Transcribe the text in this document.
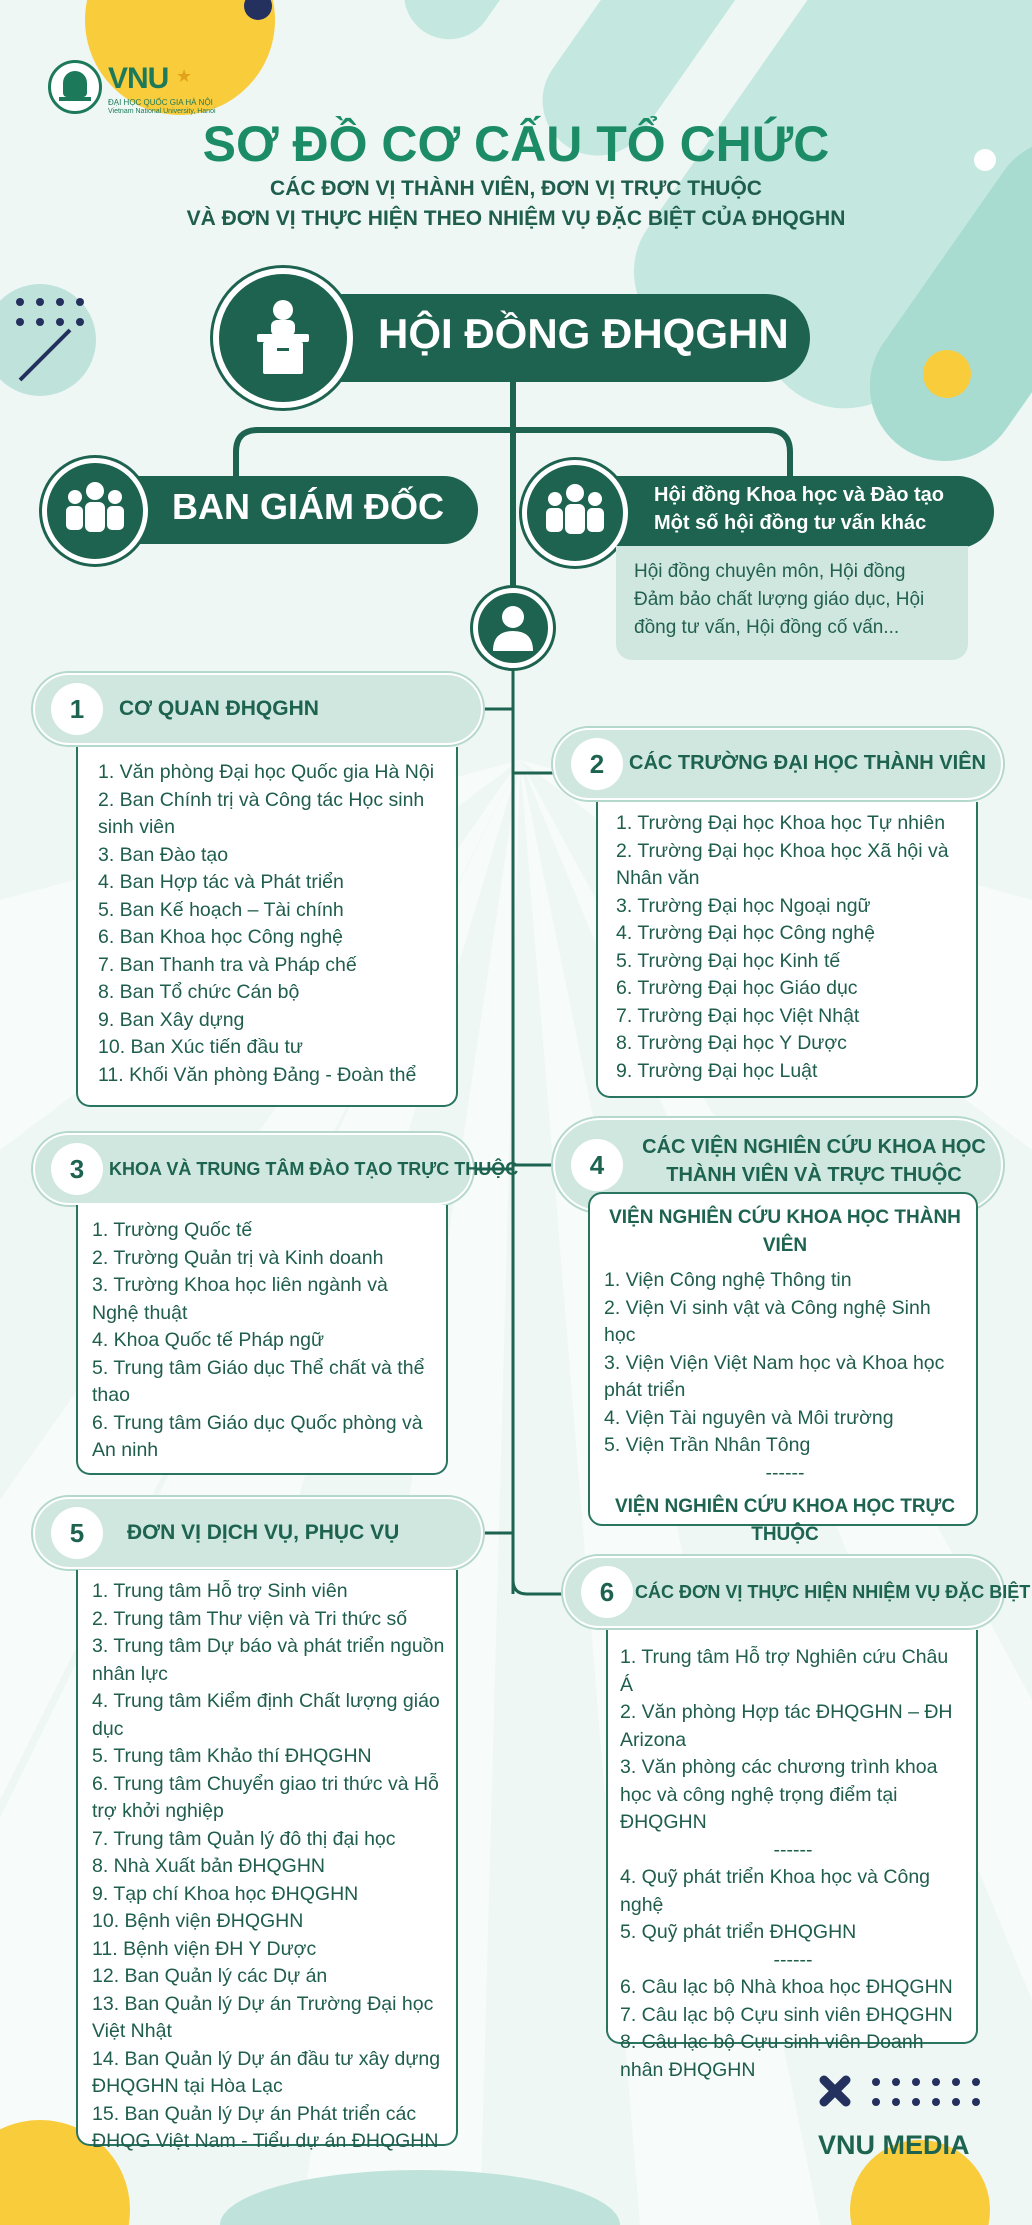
VNU ★
ĐẠI HỌC QUỐC GIA HÀ NỘI
Vietnam National University, Hanoi
SƠ ĐỒ CƠ CẤU TỔ CHỨC
CÁC ĐƠN VỊ THÀNH VIÊN, ĐƠN VỊ TRỰC THUỘC
VÀ ĐƠN VỊ THỰC HIỆN THEO NHIỆM VỤ ĐẶC BIỆT CỦA ĐHQGHN
HỘI ĐỒNG ĐHQGHN
BAN GIÁM ĐỐC	Hội đồng Khoa học và Đào tạo
Một số hội đồng tư vấn khác
Hội đồng chuyên môn, Hội đồng Đảm bảo chất lượng giáo dục, Hội đồng tư vấn, Hội đồng cố vấn...
1	CƠ QUAN ĐHQGHN
1. Văn phòng Đại học Quốc gia Hà Nội
2. Ban Chính trị và Công tác Học sinh sinh viên
3. Ban Đào tạo
4. Ban Hợp tác và Phát triển
5. Ban Kế hoạch – Tài chính
6. Ban Khoa học Công nghệ
7. Ban Thanh tra và Pháp chế
8. Ban Tổ chức Cán bộ
9. Ban Xây dựng
10. Ban Xúc tiến đầu tư
11. Khối Văn phòng Đảng - Đoàn thể
2	CÁC TRƯỜNG ĐẠI HỌC THÀNH VIÊN
1. Trường Đại học Khoa học Tự nhiên
2. Trường Đại học Khoa học Xã hội và Nhân văn
3. Trường Đại học Ngoại ngữ
4. Trường Đại học Công nghệ
5. Trường Đại học Kinh tế
6. Trường Đại học Giáo dục
7. Trường Đại học Việt Nhật
8. Trường Đại học Y Dược
9. Trường Đại học Luật
3	KHOA VÀ TRUNG TÂM ĐÀO TẠO TRỰC THUỘC
1. Trường Quốc tế
2. Trường Quản trị và Kinh doanh
3. Trường Khoa học liên ngành và Nghệ thuật
4. Khoa Quốc tế Pháp ngữ
5. Trung tâm Giáo dục Thể chất và thể thao
6. Trung tâm Giáo dục Quốc phòng và An ninh
4
CÁC VIỆN NGHIÊN CỨU KHOA HỌC
THÀNH VIÊN VÀ TRỰC THUỘC
VIỆN NGHIÊN CỨU KHOA HỌC THÀNH VIÊN
1. Viện Công nghệ Thông tin
2. Viện Vi sinh vật và Công nghệ Sinh học
3. Viện Viện Việt Nam học và Khoa học phát triển
4. Viện Tài nguyên và Môi trường
5. Viện Trần Nhân Tông
------
VIỆN NGHIÊN CỨU KHOA HỌC TRỰC THUỘC
5	ĐƠN VỊ DỊCH VỤ, PHỤC VỤ
1. Trung tâm Hỗ trợ Sinh viên
2. Trung tâm Thư viện và Tri thức số
3. Trung tâm Dự báo và phát triển nguồn nhân lực
4. Trung tâm Kiểm định Chất lượng giáo dục
5. Trung tâm Khảo thí ĐHQGHN
6. Trung tâm Chuyển giao tri thức và Hỗ trợ khởi nghiệp
7. Trung tâm Quản lý đô thị đại học
8. Nhà Xuất bản ĐHQGHN
9. Tạp chí Khoa học ĐHQGHN
10. Bệnh viện ĐHQGHN
11. Bệnh viện ĐH Y Dược
12. Ban Quản lý các Dự án
13. Ban Quản lý Dự án Trường Đại học Việt Nhật
14. Ban Quản lý Dự án đầu tư xây dựng ĐHQGHN tại Hòa Lạc
15. Ban Quản lý Dự án Phát triển các ĐHQG Việt Nam - Tiểu dự án ĐHQGHN
6	CÁC ĐƠN VỊ THỰC HIỆN NHIỆM VỤ ĐẶC BIỆT
1. Trung tâm Hỗ trợ Nghiên cứu Châu Á
2. Văn phòng Hợp tác ĐHQGHN – ĐH Arizona
3. Văn phòng các chương trình khoa học và công nghệ trọng điểm tại ĐHQGHN
------
4. Quỹ phát triển Khoa học và Công nghệ
5. Quỹ phát triển ĐHQGHN
------
6. Câu lạc bộ Nhà khoa học ĐHQGHN
7. Câu lạc bộ Cựu sinh viên ĐHQGHN
8. Câu lạc bộ Cựu sinh viên Doanh nhân ĐHQGHN
VNU MEDIA
